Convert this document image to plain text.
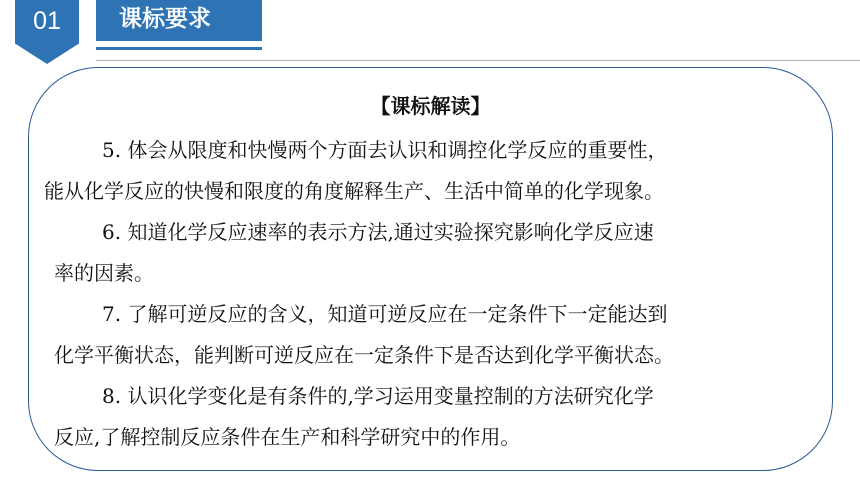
01	课标要求
【课标解读】
5. 体会从限度和快慢两个方面去认识和调控化学反应的重要性，
能从化学反应的快慢和限度的角度解释生产、生活中简单的化学现象。
6. 知道化学反应速率的表示方法,通过实验探究影响化学反应速
率的因素。
7. 了解可逆反应的含义，知道可逆反应在一定条件下一定能达到
化学平衡状态，能判断可逆反应在一定条件下是否达到化学平衡状态。
8. 认识化学变化是有条件的,学习运用变量控制的方法研究化学
反应,了解控制反应条件在生产和科学研究中的作用。
